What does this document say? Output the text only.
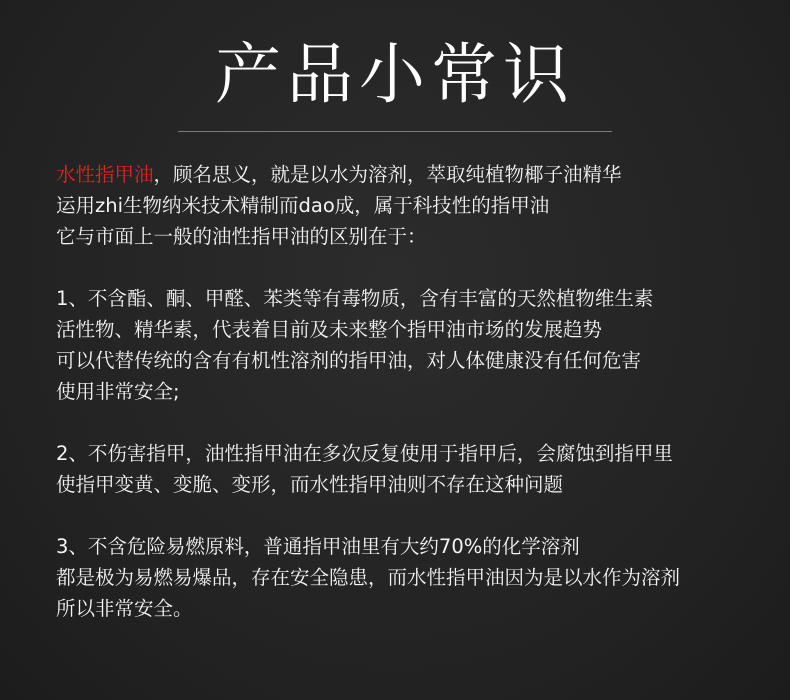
产品小常识
水性指甲油，顾名思义，就是以水为溶剂，萃取纯植物椰子油精华
运用zhi生物纳米技术精制而dao成，属于科技性的指甲油
它与市面上一般的油性指甲油的区别在于：
1、不含酯、酮、甲醛、苯类等有毒物质，含有丰富的天然植物维生素
活性物、精华素，代表着目前及未来整个指甲油市场的发展趋势
可以代替传统的含有有机性溶剂的指甲油，对人体健康没有任何危害
使用非常安全;
2、不伤害指甲，油性指甲油在多次反复使用于指甲后，会腐蚀到指甲里
使指甲变黄、变脆、变形，而水性指甲油则不存在这种问题
3、不含危险易燃原料，普通指甲油里有大约70%的化学溶剂
都是极为易燃易爆品，存在安全隐患，而水性指甲油因为是以水作为溶剂
所以非常安全。
